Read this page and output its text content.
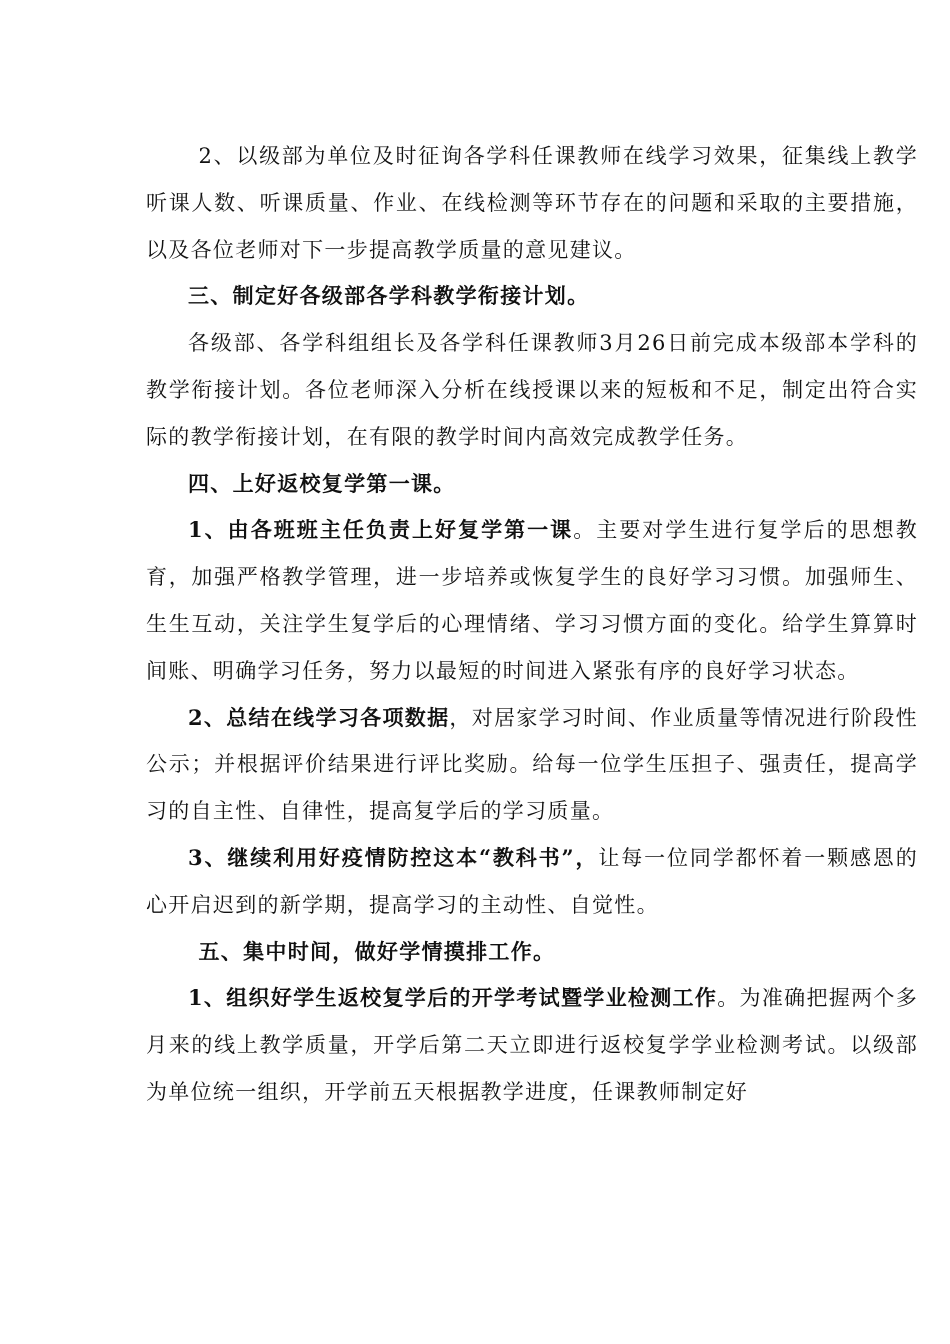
2、以级部为单位及时征询各学科任课教师在线学习效果，征集线上教学听课人数、听课质量、作业、在线检测等环节存在的问题和采取的主要措施，以及各位老师对下一步提高教学质量的意见建议。

三、制定好各级部各学科教学衔接计划。

各级部、各学科组组长及各学科任课教师3月26日前完成本级部本学科的教学衔接计划。各位老师深入分析在线授课以来的短板和不足，制定出符合实际的教学衔接计划，在有限的教学时间内高效完成教学任务。

四、上好返校复学第一课。

1、由各班班主任负责上好复学第一课。主要对学生进行复学后的思想教育，加强严格教学管理，进一步培养或恢复学生的良好学习习惯。加强师生、生生互动，关注学生复学后的心理情绪、学习习惯方面的变化。给学生算算时间账、明确学习任务，努力以最短的时间进入紧张有序的良好学习状态。

2、总结在线学习各项数据，对居家学习时间、作业质量等情况进行阶段性公示；并根据评价结果进行评比奖励。给每一位学生压担子、强责任，提高学习的自主性、自律性，提高复学后的学习质量。

3、继续利用好疫情防控这本“教科书”，让每一位同学都怀着一颗感恩的心开启迟到的新学期，提高学习的主动性、自觉性。

五、集中时间，做好学情摸排工作。

1、组织好学生返校复学后的开学考试暨学业检测工作。为准确把握两个多月来的线上教学质量，开学后第二天立即进行返校复学学业检测考试。以级部为单位统一组织，开学前五天根据教学进度，任课教师制定好
